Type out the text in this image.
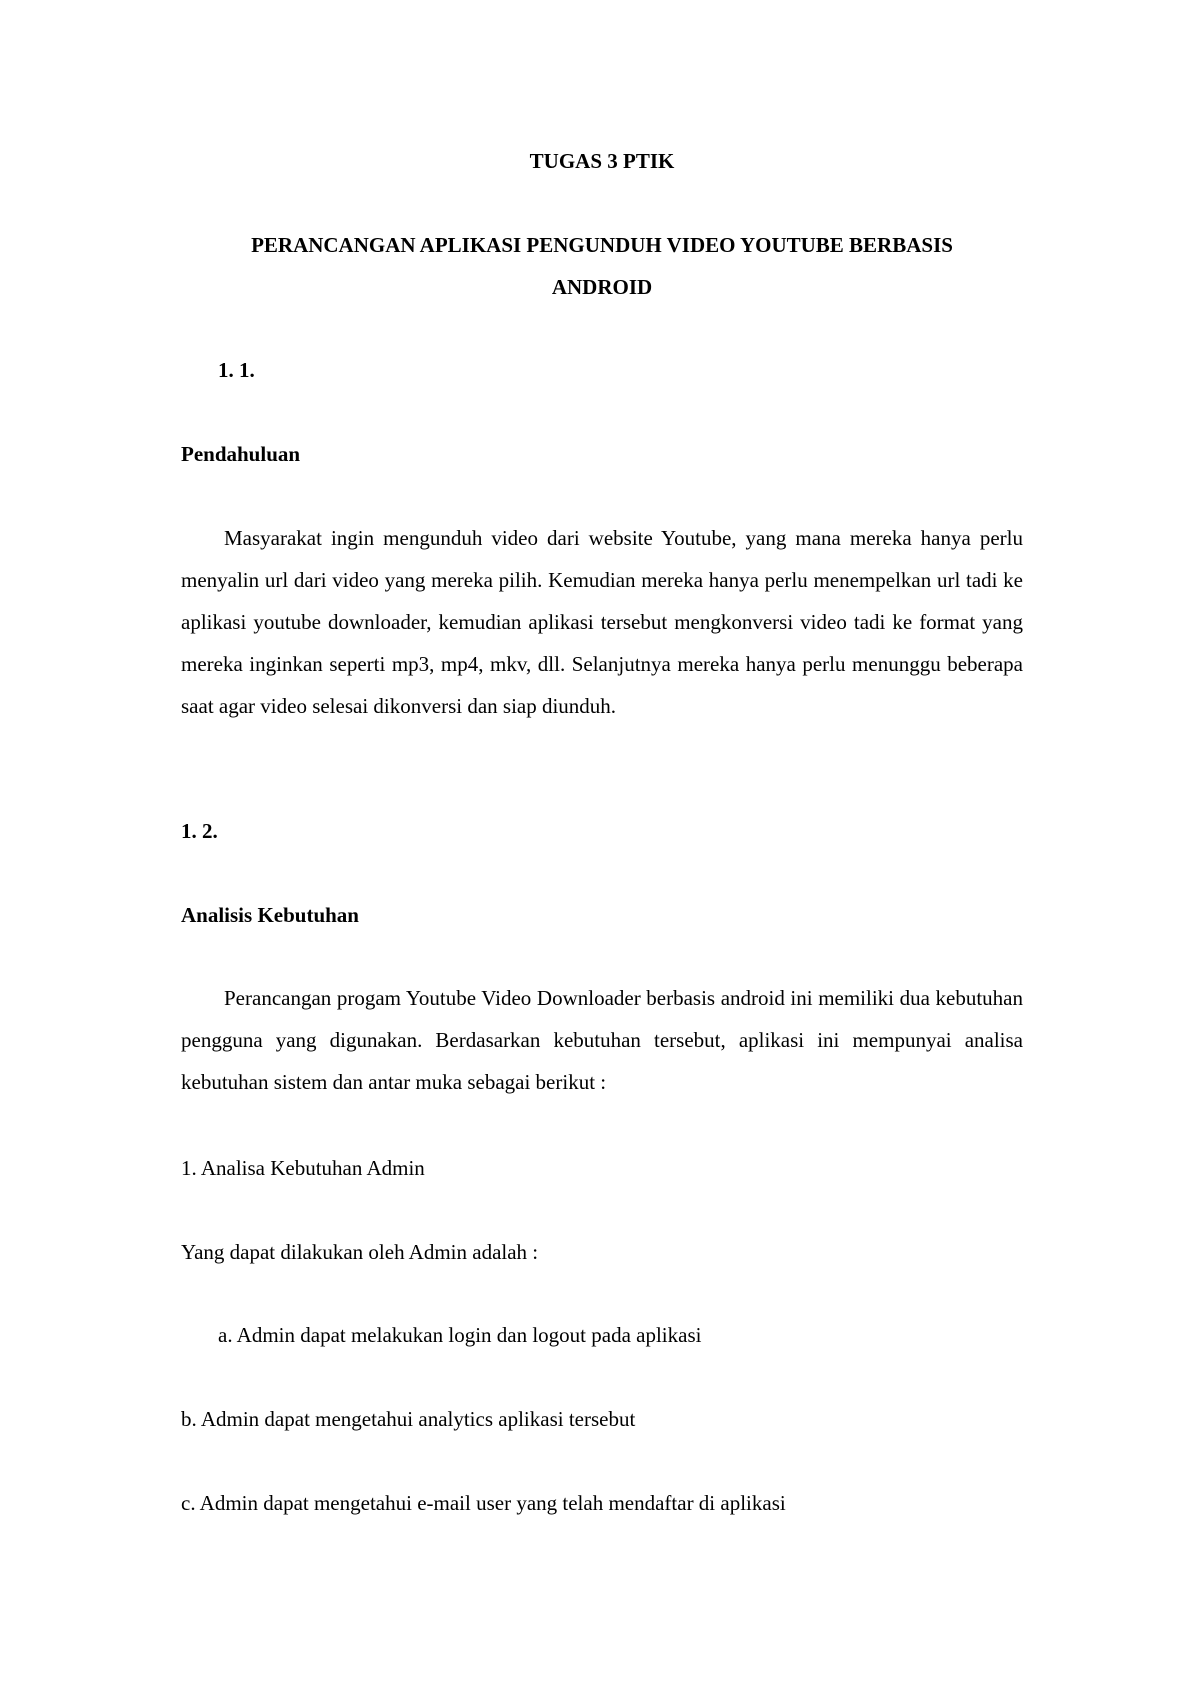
TUGAS 3 PTIK
PERANCANGAN APLIKASI PENGUNDUH VIDEO YOUTUBE BERBASIS
ANDROID
1. 1.
Pendahuluan

Masyarakat ingin mengunduh video dari website Youtube, yang mana mereka hanya perlu menyalin url dari video yang mereka pilih. Kemudian mereka hanya perlu menempelkan url tadi ke aplikasi youtube downloader, kemudian aplikasi tersebut mengkonversi video tadi ke format yang mereka inginkan seperti mp3, mp4, mkv, dll. Selanjutnya mereka hanya perlu menunggu beberapa saat agar video selesai dikonversi dan siap diunduh.

1. 2.
Analisis Kebutuhan

Perancangan progam Youtube Video Downloader berbasis android ini memiliki dua kebutuhan pengguna yang digunakan. Berdasarkan kebutuhan tersebut, aplikasi ini mempunyai analisa kebutuhan sistem dan antar muka sebagai berikut :

1. Analisa Kebutuhan Admin
Yang dapat dilakukan oleh Admin adalah :
a. Admin dapat melakukan login dan logout pada aplikasi
b. Admin dapat mengetahui analytics aplikasi tersebut
c. Admin dapat mengetahui e-mail user yang telah mendaftar di aplikasi
